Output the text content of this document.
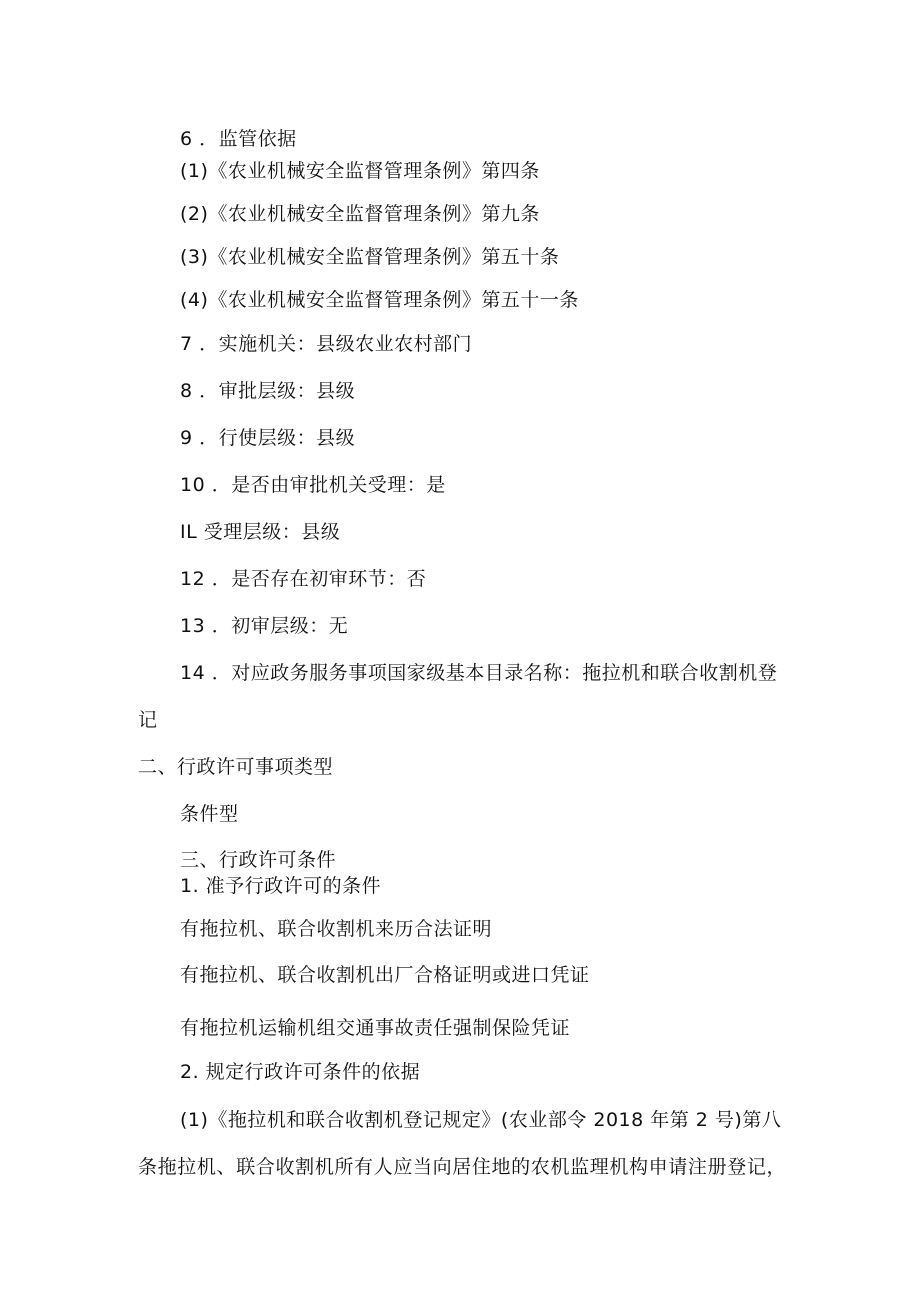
6 ．监管依据
(1)《农业机械安全监督管理条例》第四条
(2)《农业机械安全监督管理条例》第九条
(3)《农业机械安全监督管理条例》第五十条
(4)《农业机械安全监督管理条例》第五十一条
7 ．实施机关：县级农业农村部门
8 ．审批层级：县级
9 ．行使层级：县级
10 ．是否由审批机关受理：是
IL 受理层级：县级
12 ．是否存在初审环节：否
13 ．初审层级：无
14 ．对应政务服务事项国家级基本目录名称：拖拉机和联合收割机登
记
二、行政许可事项类型
条件型
三、行政许可条件
1. 准予行政许可的条件
有拖拉机、联合收割机来历合法证明
有拖拉机、联合收割机出厂合格证明或进口凭证
有拖拉机运输机组交通事故责任强制保险凭证
2. 规定行政许可条件的依据
(1)《拖拉机和联合收割机登记规定》(农业部令 2018 年第 2 号)第八
条拖拉机、联合收割机所有人应当向居住地的农机监理机构申请注册登记，
